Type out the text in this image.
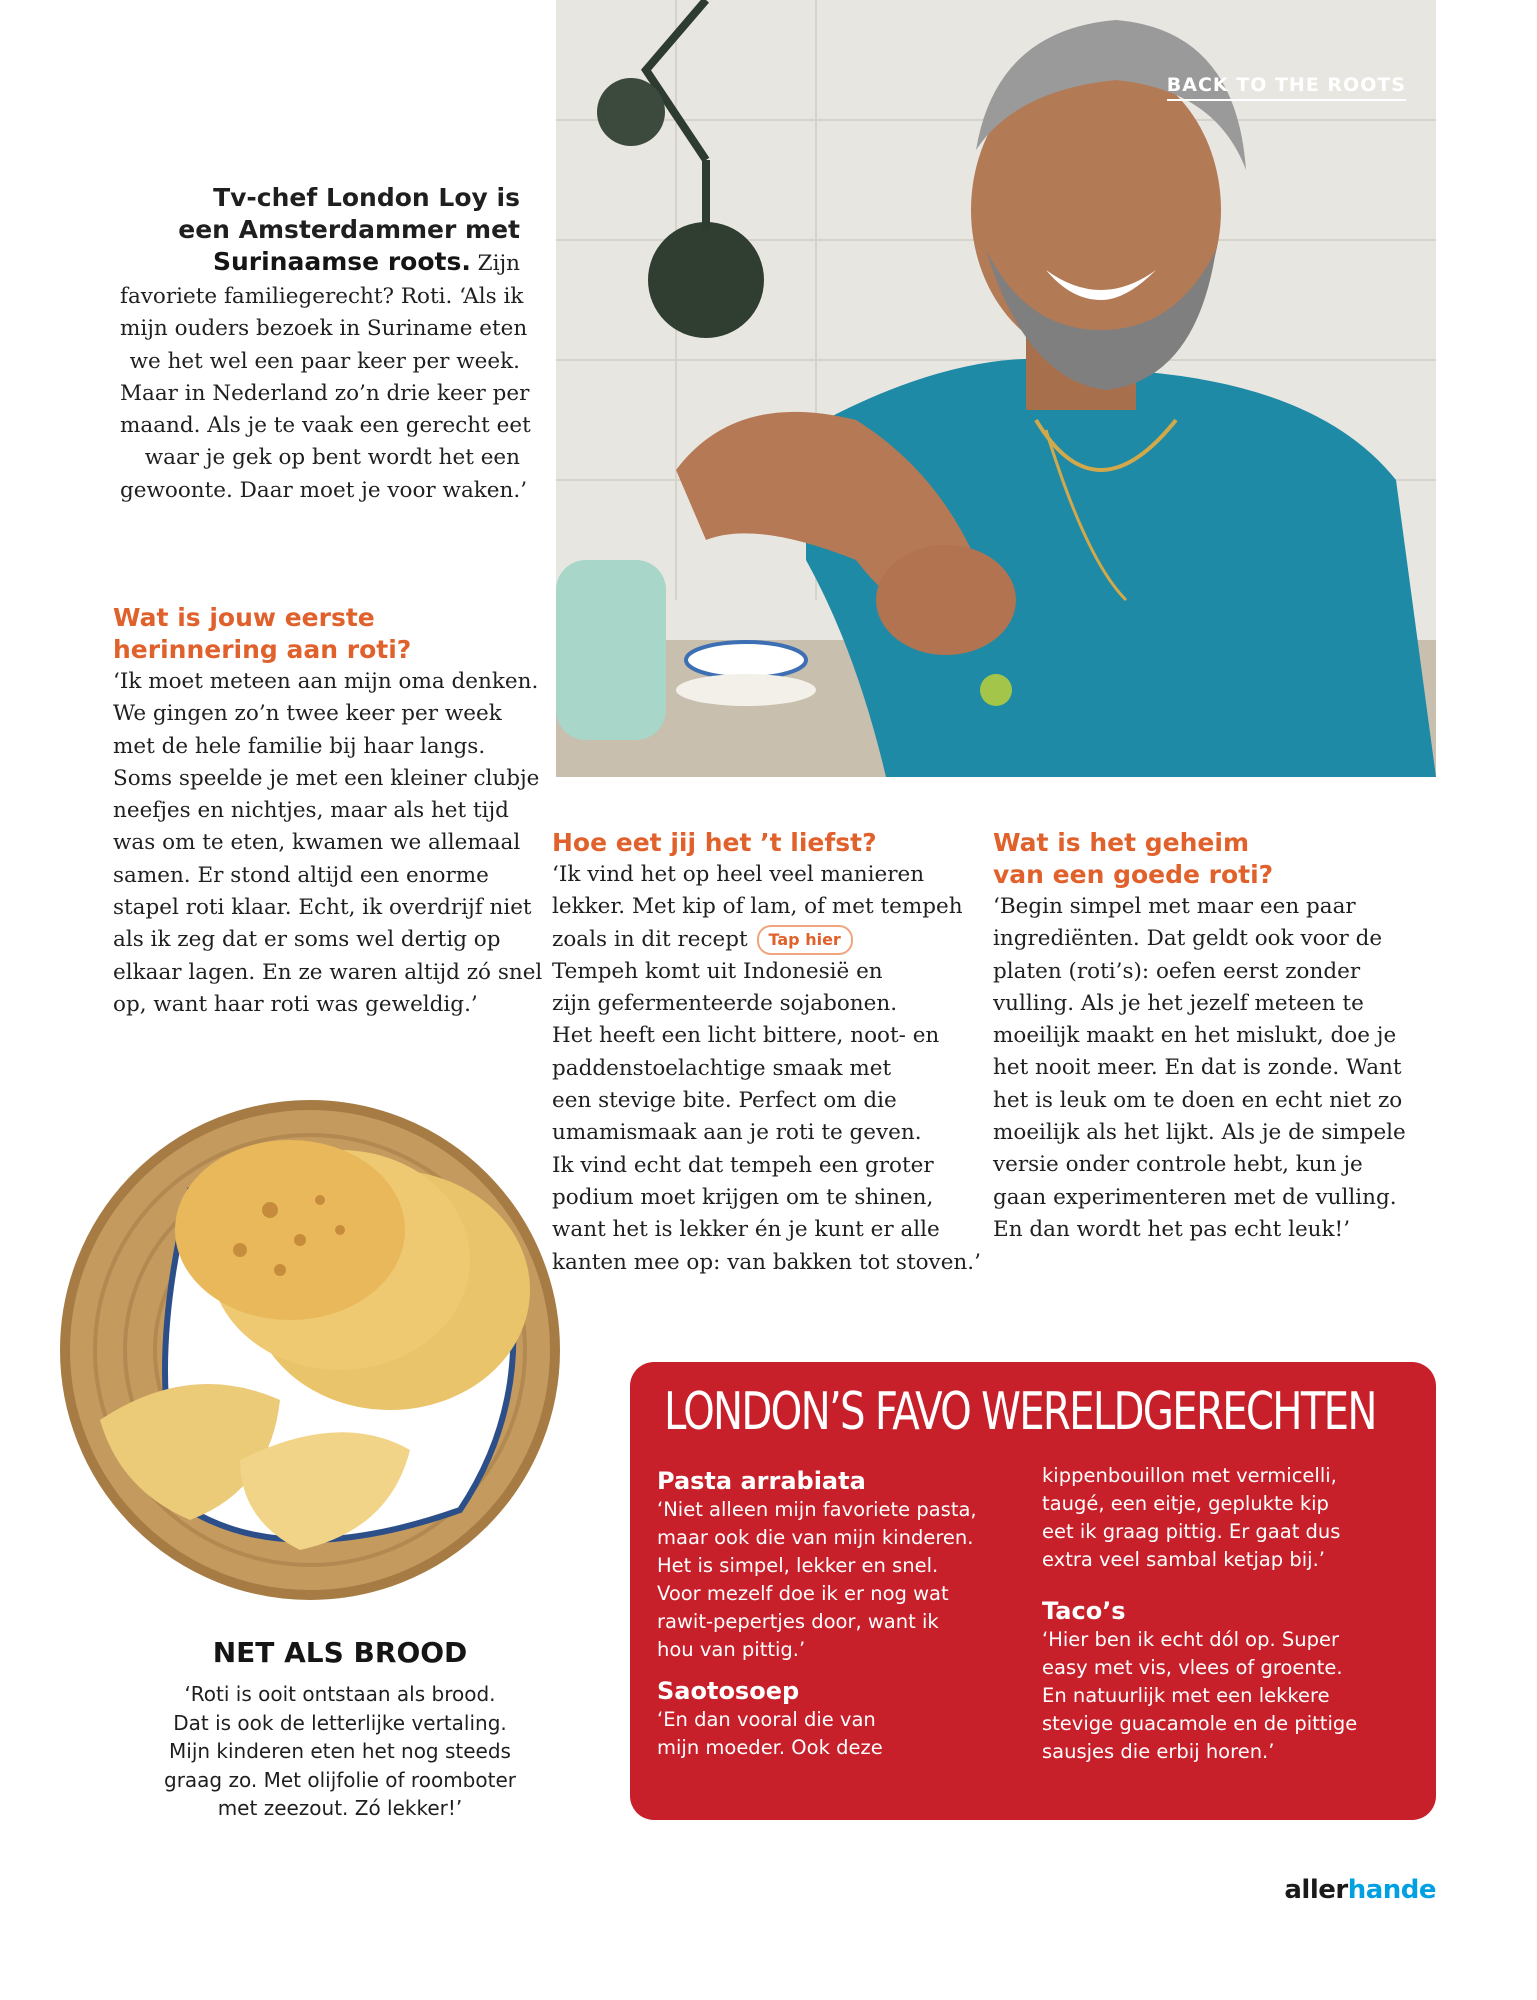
BACK TO THE ROOTS

Tv-chef London Loy is

een Amsterdammer met

Surinaamse roots. Zijn

favoriete familiegerecht? Roti. ‘Als ik
mijn ouders bezoek in Suriname eten
we het wel een paar keer per week.
Maar in Nederland zo’n drie keer per
maand. Als je te vaak een gerecht eet
waar je gek op bent wordt het een
gewoonte. Daar moet je voor waken.’
Wat is jouw eerste
herinnering aan roti?
‘Ik moet meteen aan mijn oma denken.
We gingen zo’n twee keer per week
met de hele familie bij haar langs.
Soms speelde je met een kleiner clubje
neefjes en nichtjes, maar als het tijd
was om te eten, kwamen we allemaal
samen. Er stond altijd een enorme
stapel roti klaar. Echt, ik overdrijf niet
als ik zeg dat er soms wel dertig op
elkaar lagen. En ze waren altijd zó snel
op, want haar roti was geweldig.’
Hoe eet jij het ’t liefst?
‘Ik vind het op heel veel manieren
lekker. Met kip of lam, of met tempeh
zoals in dit recept Tap hier
Tempeh komt uit Indonesië en
zijn gefermenteerde sojabonen.
Het heeft een licht bittere, noot- en
paddenstoelachtige smaak met
een stevige bite. Perfect om die
umamismaak aan je roti te geven.
Ik vind echt dat tempeh een groter
podium moet krijgen om te shinen,
want het is lekker én je kunt er alle
kanten mee op: van bakken tot stoven.’
Wat is het geheim
van een goede roti?
‘Begin simpel met maar een paar
ingrediënten. Dat geldt ook voor de
platen (roti’s): oefen eerst zonder
vulling. Als je het jezelf meteen te
moeilijk maakt en het mislukt, doe je
het nooit meer. En dat is zonde. Want
het is leuk om te doen en echt niet zo
moeilijk als het lijkt. Als je de simpele
versie onder controle hebt, kun je
gaan experimenteren met de vulling.
En dan wordt het pas echt leuk!’
NET ALS BROOD
‘Roti is ooit ontstaan als brood.
Dat is ook de letterlijke vertaling.
Mijn kinderen eten het nog steeds
graag zo. Met olijfolie of roomboter
met zeezout. Zó lekker!’
LONDON’S FAVO WERELDGERECHTEN
Pasta arrabiata
‘Niet alleen mijn favoriete pasta,
maar ook die van mijn kinderen.
Het is simpel, lekker en snel.
Voor mezelf doe ik er nog wat
rawit-pepertjes door, want ik
hou van pittig.’
Saotosoep
‘En dan vooral die van
mijn moeder. Ook deze
kippenbouillon met vermicelli,
taugé, een eitje, geplukte kip
eet ik graag pittig. Er gaat dus
extra veel sambal ketjap bij.’
Taco’s
‘Hier ben ik echt dól op. Super
easy met vis, vlees of groente.
En natuurlijk met een lekkere
stevige guacamole en de pittige
sausjes die erbij horen.’
allerhande
